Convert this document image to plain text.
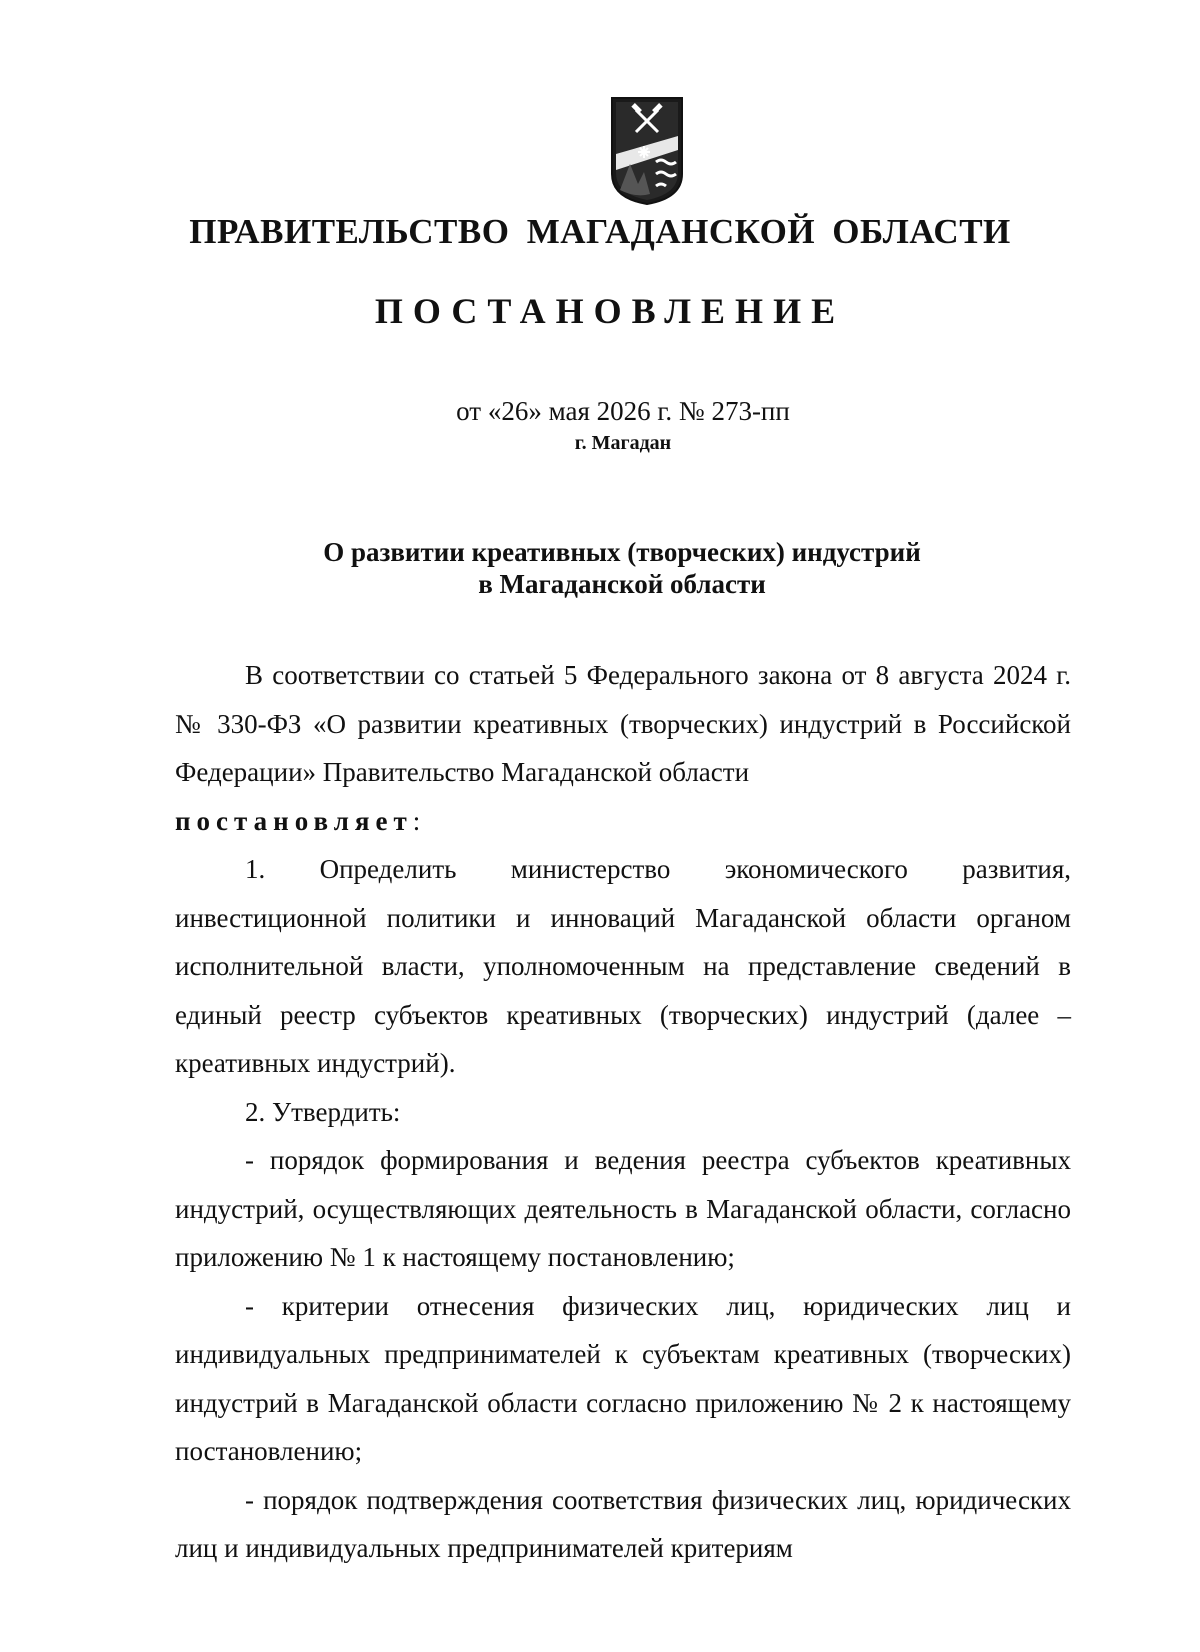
ПРАВИТЕЛЬСТВО МАГАДАНСКОЙ ОБЛАСТИ
ПОСТАНОВЛЕНИЕ
от «26» мая 2026 г. № 273-пп
г. Магадан
О развитии креативных (творческих) индустрий
в Магаданской области

В соответствии со статьей 5 Федерального закона от 8 августа 2024 г. № 330-ФЗ «О развитии креативных (творческих) индустрий в Российской Федерации» Правительство Магаданской области

постановляет:

1. Определить министерство экономического развития, инвестиционной политики и инноваций Магаданской области органом исполнительной власти, уполномоченным на представление сведений в единый реестр субъектов креативных (творческих) индустрий (далее – креативных индустрий).

2. Утвердить:

- порядок формирования и ведения реестра субъектов креативных индустрий, осуществляющих деятельность в Магаданской области, согласно приложению № 1 к настоящему постановлению;

- критерии отнесения физических лиц, юридических лиц и индивидуальных предпринимателей к субъектам креативных (творческих) индустрий в Магаданской области согласно приложению № 2 к настоящему постановлению;

- порядок подтверждения соответствия физических лиц, юридических лиц и индивидуальных предпринимателей критериям
